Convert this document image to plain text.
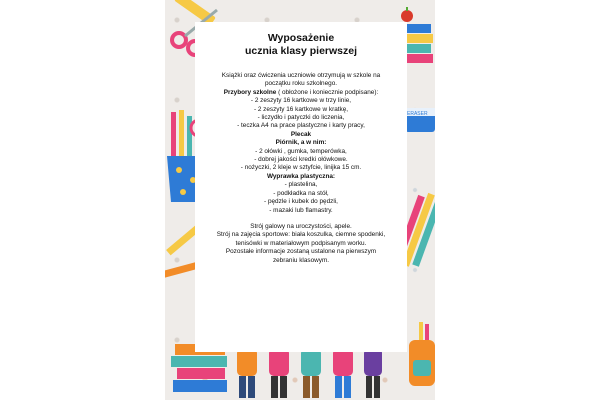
ERASER
Wyposażenie
ucznia klasy pierwszej
Książki oraz ćwiczenia uczniowie otrzymują w szkole na
początku roku szkolnego.
Przybory szkolne ( obłożone i koniecznie podpisane):
- 2 zeszyty 16 kartkowe w trzy linie,
- 2 zeszyty 16 kartkowe w kratkę,
- liczydło i patyczki do liczenia,
- teczka A4 na prace plastyczne i karty pracy,
Plecak
Piórnik, a w nim:
- 2 ołówki , gumka, temperówka,
- dobrej jakości kredki ołówkowe.
- nożyczki, 2 kleje w sztyfcie, linijka 15 cm.
Wyprawka plastyczna:
- plastelina,
- podkładka na stół,
- pędzle i kubek do pędzli,
- mazaki lub flamastry.
Strój galowy na uroczystości, apele.
Strój na zajęcia sportowe: biała koszulka, ciemne spodenki,
tenisówki w materiałowym podpisanym worku.
Pozostałe informacje zostaną ustalone na pierwszym
zebraniu klasowym.
